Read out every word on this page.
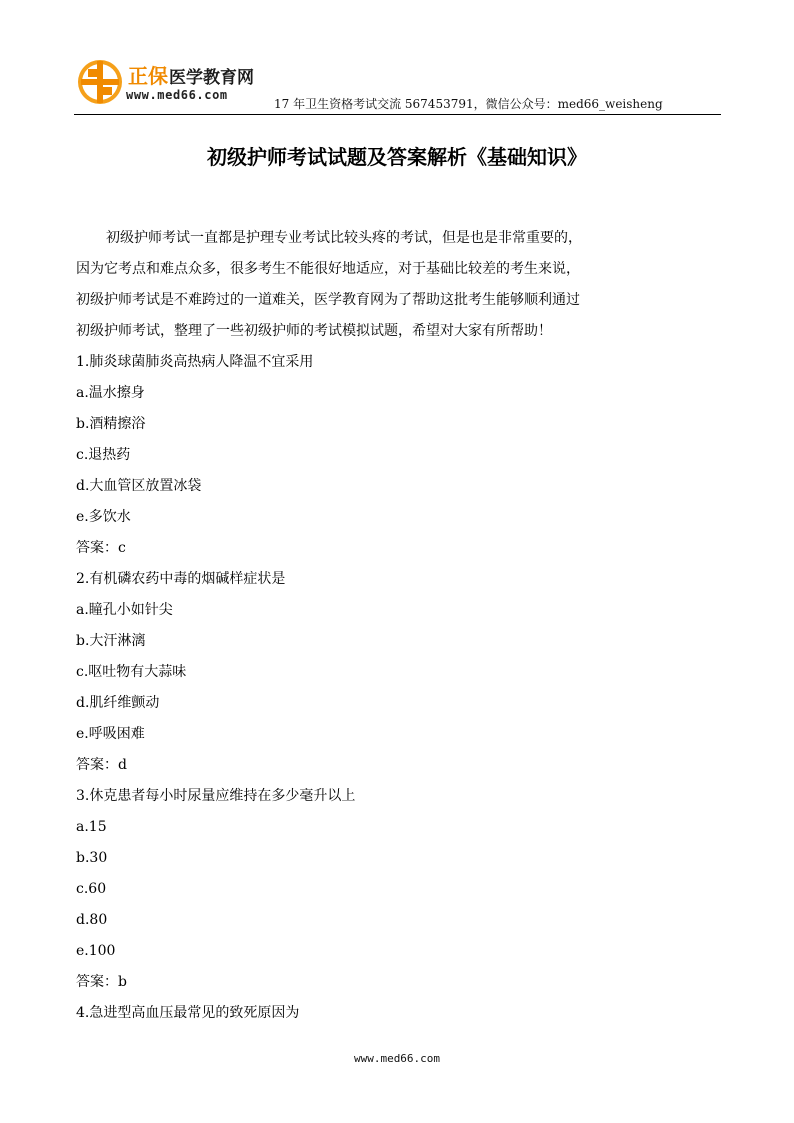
正保医学教育网
www.med66.com
17 年卫生资格考试交流 567453791，微信公众号：med66_weisheng
初级护师考试试题及答案解析《基础知识》
初级护师考试一直都是护理专业考试比较头疼的考试，但是也是非常重要的，
因为它考点和难点众多，很多考生不能很好地适应，对于基础比较差的考生来说，
初级护师考试是不难跨过的一道难关，医学教育网为了帮助这批考生能够顺利通过
初级护师考试，整理了一些初级护师的考试模拟试题，希望对大家有所帮助！
1.肺炎球菌肺炎高热病人降温不宜采用
a.温水擦身
b.酒精擦浴
c.退热药
d.大血管区放置冰袋
e.多饮水
答案：c
2.有机磷农药中毒的烟碱样症状是
a.瞳孔小如针尖
b.大汗淋漓
c.呕吐物有大蒜味
d.肌纤维颤动
e.呼吸困难
答案：d
3.休克患者每小时尿量应维持在多少毫升以上
a.15
b.30
c.60
d.80
e.100
答案：b
4.急进型高血压最常见的致死原因为
www.med66.com
